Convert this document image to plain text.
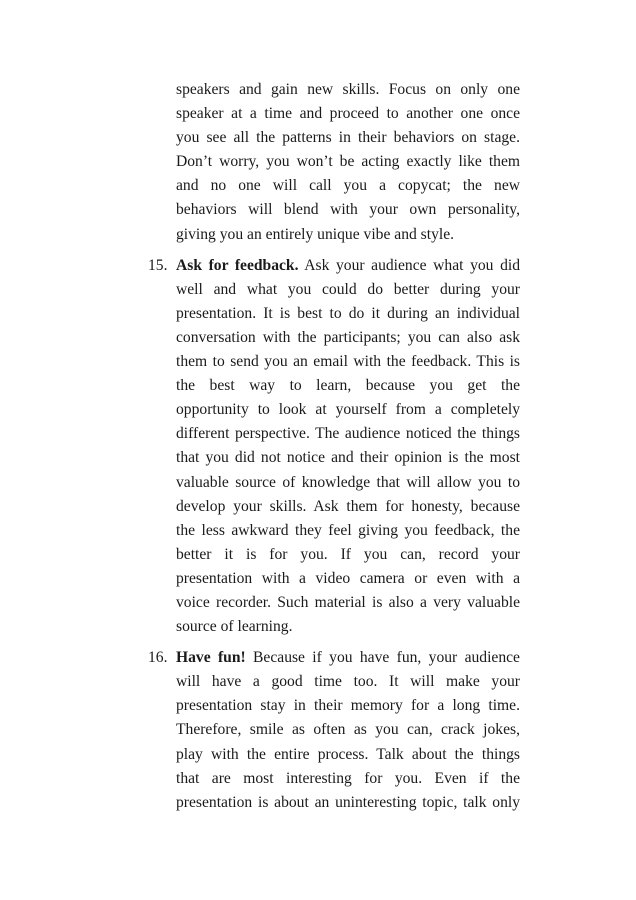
speakers and gain new skills. Focus on only one
speaker at a time and proceed to another one once
you see all the patterns in their behaviors on stage.
Don’t worry, you won’t be acting exactly like them
and no one will call you a copycat; the new
behaviors will blend with your own personality,
giving you an entirely unique vibe and style.
15. Ask for feedback. Ask your audience what you did
well and what you could do better during your
presentation. It is best to do it during an individual
conversation with the participants; you can also ask
them to send you an email with the feedback. This is
the best way to learn, because you get the
opportunity to look at yourself from a completely
different perspective. The audience noticed the things
that you did not notice and their opinion is the most
valuable source of knowledge that will allow you to
develop your skills. Ask them for honesty, because
the less awkward they feel giving you feedback, the
better it is for you. If you can, record your
presentation with a video camera or even with a
voice recorder. Such material is also a very valuable
source of learning.
16. Have fun! Because if you have fun, your audience
will have a good time too. It will make your
presentation stay in their memory for a long time.
Therefore, smile as often as you can, crack jokes,
play with the entire process. Talk about the things
that are most interesting for you. Even if the
presentation is about an uninteresting topic, talk only
